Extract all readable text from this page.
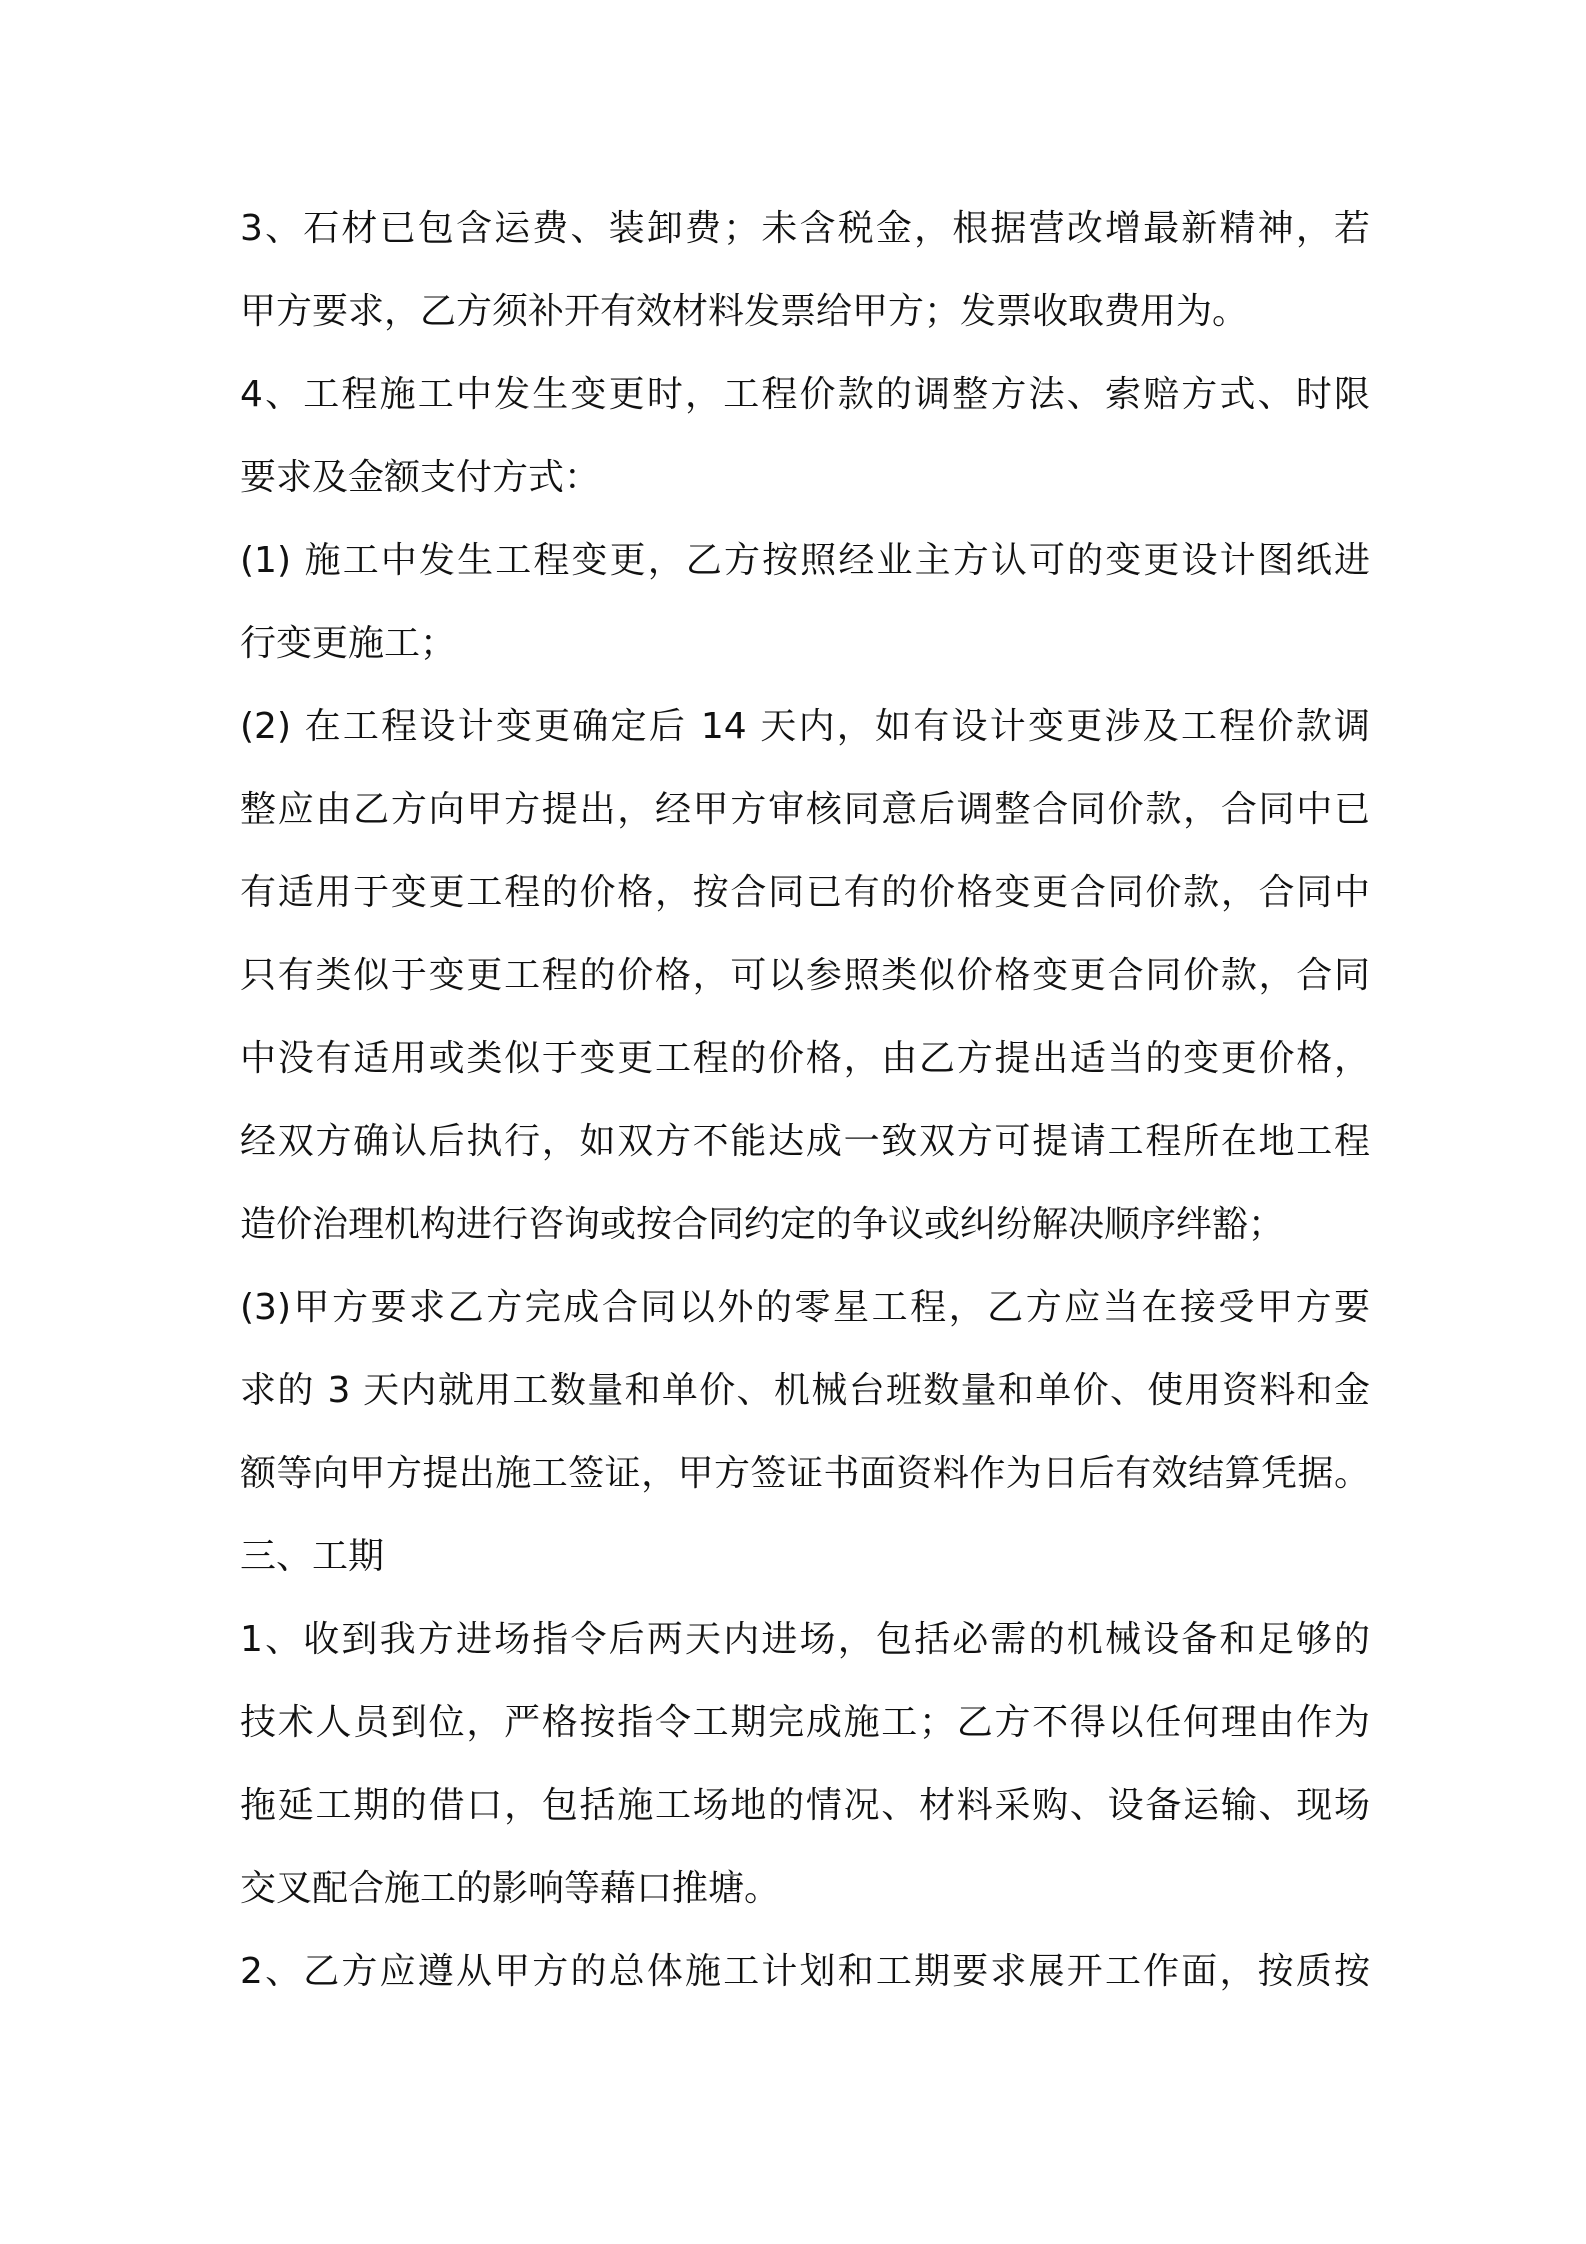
3、石材已包含运费、装卸费；未含税金，根据营改增最新精神，若
甲方要求，乙方须补开有效材料发票给甲方；发票收取费用为。
4、工程施工中发生变更时，工程价款的调整方法、索赔方式、时限
要求及金额支付方式：
(1) 施工中发生工程变更，乙方按照经业主方认可的变更设计图纸进
行变更施工；
(2) 在工程设计变更确定后 14 天内，如有设计变更涉及工程价款调
整应由乙方向甲方提出，经甲方审核同意后调整合同价款，合同中已
有适用于变更工程的价格，按合同已有的价格变更合同价款，合同中
只有类似于变更工程的价格，可以参照类似价格变更合同价款，合同
中没有适用或类似于变更工程的价格，由乙方提出适当的变更价格，
经双方确认后执行，如双方不能达成一致双方可提请工程所在地工程
造价治理机构进行咨询或按合同约定的争议或纠纷解决顺序绊豁；
(3)甲方要求乙方完成合同以外的零星工程，乙方应当在接受甲方要
求的 3 天内就用工数量和单价、机械台班数量和单价、使用资料和金
额等向甲方提出施工签证，甲方签证书面资料作为日后有效结算凭据。
三、工期
1、收到我方进场指令后两天内进场，包括必需的机械设备和足够的
技术人员到位，严格按指令工期完成施工；乙方不得以任何理由作为
拖延工期的借口，包括施工场地的情况、材料采购、设备运输、现场
交叉配合施工的影响等藉口推塘。
2、乙方应遵从甲方的总体施工计划和工期要求展开工作面，按质按
